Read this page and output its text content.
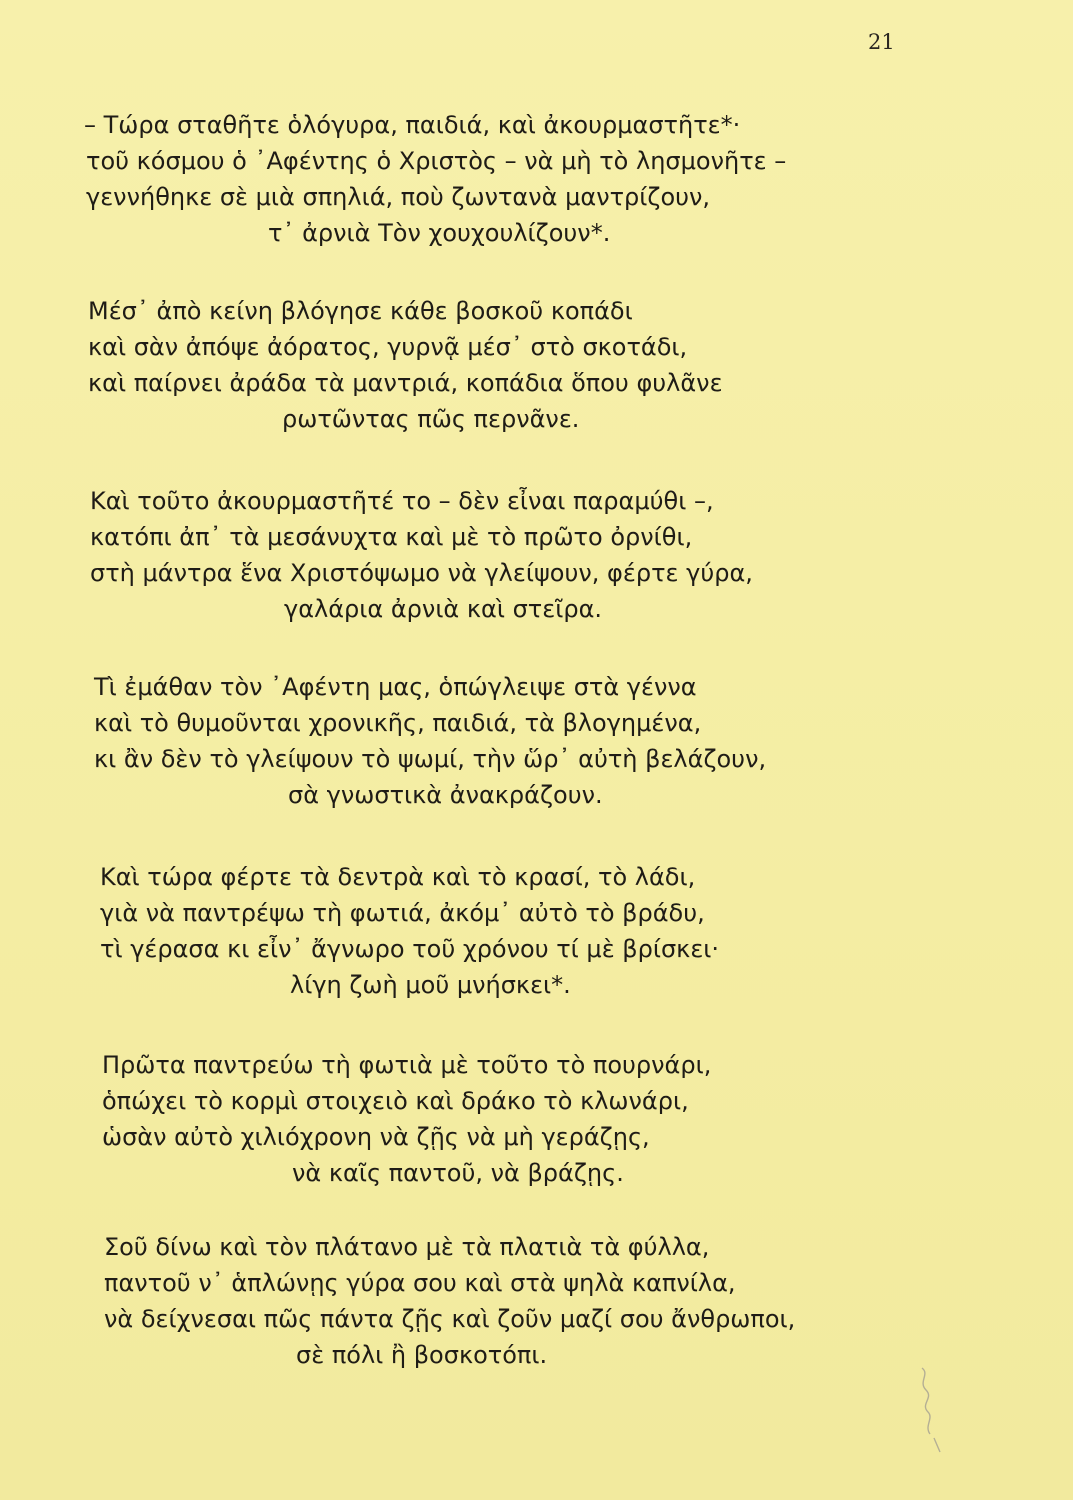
21
– Τώρα σταθῆτε ὁλόγυρα, παιδιά, καὶ ἀκουρμαστῆτε*·
τοῦ κόσμου ὁ ᾿Αφέντης ὁ Χριστὸς – νὰ μὴ τὸ λησμονῆτε –
γεννήθηκε σὲ μιὰ σπηλιά, ποὺ ζωντανὰ μαντρίζουν,
τ᾿ ἀρνιὰ Τὸν χουχουλίζουν*.
Μέσ᾿ ἀπὸ κείνη βλόγησε κάθε βοσκοῦ κοπάδι
καὶ σὰν ἀπόψε ἀόρατος, γυρνᾷ μέσ᾿ στὸ σκοτάδι,
καὶ παίρνει ἀράδα τὰ μαντριά, κοπάδια ὅπου φυλᾶνε
ρωτῶντας πῶς περνᾶνε.
Καὶ τοῦτο ἀκουρμαστῆτέ το – δὲν εἶναι παραμύθι –,
κατόπι ἀπ᾿ τὰ μεσάνυχτα καὶ μὲ τὸ πρῶτο ὀρνίθι,
στὴ μάντρα ἕνα Χριστόψωμο νὰ γλείψουν, φέρτε γύρα,
γαλάρια ἀρνιὰ καὶ στεῖρα.
Τὶ ἐμάθαν τὸν ᾿Αφέντη μας, ὁπώγλειψε στὰ γέννα
καὶ τὸ θυμοῦνται χρονικῆς, παιδιά, τὰ βλογημένα,
κι ἂν δὲν τὸ γλείψουν τὸ ψωμί, τὴν ὥρ᾿ αὐτὴ βελάζουν,
σὰ γνωστικὰ ἀνακράζουν.
Καὶ τώρα φέρτε τὰ δεντρὰ καὶ τὸ κρασί, τὸ λάδι,
γιὰ νὰ παντρέψω τὴ φωτιά, ἀκόμ᾿ αὐτὸ τὸ βράδυ,
τὶ γέρασα κι εἶν᾿ ἄγνωρο τοῦ χρόνου τί μὲ βρίσκει·
λίγη ζωὴ μοῦ μνήσκει*.
Πρῶτα παντρεύω τὴ φωτιὰ μὲ τοῦτο τὸ πουρνάρι,
ὁπώχει τὸ κορμὶ στοιχειὸ καὶ δράκο τὸ κλωνάρι,
ὡσὰν αὐτὸ χιλιόχρονη νὰ ζῇς νὰ μὴ γεράζῃς,
νὰ καῖς παντοῦ, νὰ βράζῃς.
Σοῦ δίνω καὶ τὸν πλάτανο μὲ τὰ πλατιὰ τὰ φύλλα,
παντοῦ ν᾿ ἁπλώνῃς γύρα σου καὶ στὰ ψηλὰ καπνίλα,
νὰ δείχνεσαι πῶς πάντα ζῇς καὶ ζοῦν μαζί σου ἄνθρωποι,
σὲ πόλι ἢ βοσκοτόπι.
